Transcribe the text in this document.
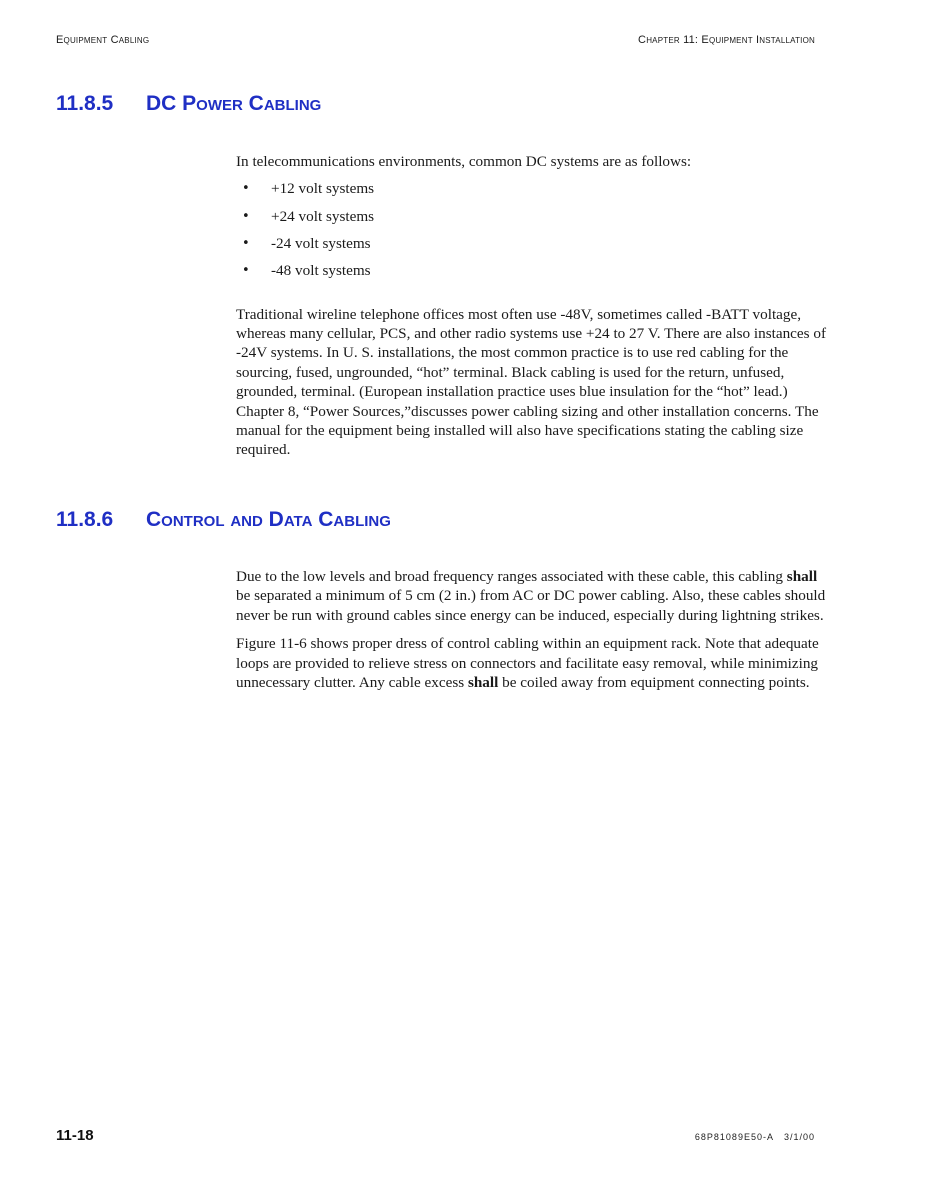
Equipment Cabling	Chapter 11: Equipment Installation
11.8.5 DC Power Cabling

In telecommunications environments, common DC systems are as follows:

• +12 volt systems
• +24 volt systems
• -24 volt systems
• -48 volt systems

Traditional wireline telephone offices most often use -48V, sometimes called -BATT voltage, whereas many cellular, PCS, and other radio systems use +24 to 27 V. There are also instances of -24V systems. In U. S. installations, the most common practice is to use red cabling for the sourcing, fused, ungrounded, “hot” terminal. Black cabling is used for the return, unfused, grounded, terminal. (European installation practice uses blue insulation for the “hot” lead.) Chapter 8, “Power Sources,”discusses power cabling sizing and other installation concerns. The manual for the equipment being installed will also have specifications stating the cabling size required.

11.8.6 Control and Data Cabling

Due to the low levels and broad frequency ranges associated with these cable, this cabling shall be separated a minimum of 5 cm (2 in.) from AC or DC power cabling. Also, these cables should never be run with ground cables since energy can be induced, especially during lightning strikes.

Figure 11-6 shows proper dress of control cabling within an equipment rack. Note that adequate loops are provided to relieve stress on connectors and facilitate easy removal, while minimizing unnecessary clutter. Any cable excess shall be coiled away from equipment connecting points.

11-18	68P81089E50-A   3/1/00
